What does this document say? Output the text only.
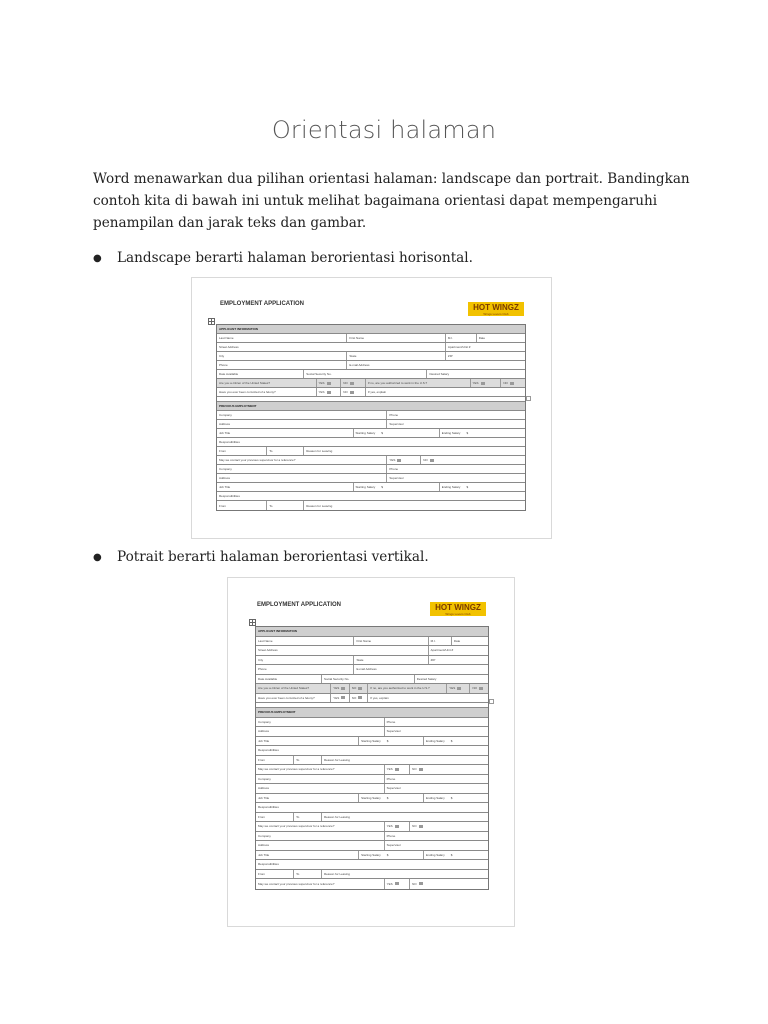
Orientasi halaman
Word menawarkan dua pilihan orientasi halaman: landscape dan portrait. Bandingkan contoh kita di bawah ini untuk melihat bagaimana orientasi dapat mempengaruhi penampilan dan jarak teks dan gambar.
● Landscape berarti halaman berorientasi horisontal.
EMPLOYMENT APPLICATION	HOT WINGZ
Wings Lovers Club
APPLICANT INFORMATION
Last Name	First Name	M.I.	Date
Street Address	Apartment/Unit #
City	State	ZIP
Phone	E-mail Address
Date Available	Social Security No.	Desired Salary
Are you a citizen of the United States?	YES	NO	If no, are you authorized to work in the U.S.?	YES	NO
Have you ever been convicted of a felony?	YES	NO	If yes, explain
PREVIOUS EMPLOYMENT
Company	Phone
Address	Supervisor
Job Title	Starting Salary $	Ending Salary $
Responsibilities
From	To	Reason for Leaving
May we contact your previous supervisor for a reference?	YES	NO
Company	Phone
Address	Supervisor
Job Title	Starting Salary $	Ending Salary $
Responsibilities
From	To	Reason for Leaving
● Potrait berarti halaman berorientasi vertikal.
EMPLOYMENT APPLICATION	HOT WINGZ
Wings Lovers Club
APPLICANT INFORMATION
Last Name	First Name	M.I.	Date
Street Address	Apartment/Unit #
City	State	ZIP
Phone	E-mail Address
Date Available	Social Security No.	Desired Salary
Are you a citizen of the United States?	YES	NO	If no, are you authorized to work in the U.S.?	YES	NO
Have you ever been convicted of a felony?	YES	NO	If yes, explain
PREVIOUS EMPLOYMENT
Company	Phone
Address	Supervisor
Job Title	Starting Salary $	Ending Salary $
Responsibilities
From	To	Reason for Leaving
May we contact your previous supervisor for a reference?	YES	NO
Company	Phone
Address	Supervisor
Job Title	Starting Salary $	Ending Salary $
Responsibilities
From	To	Reason for Leaving
May we contact your previous supervisor for a reference?	YES	NO
Company	Phone
Address	Supervisor
Job Title	Starting Salary $	Ending Salary $
Responsibilities
From	To	Reason for Leaving
May we contact your previous supervisor for a reference?	YES	NO
